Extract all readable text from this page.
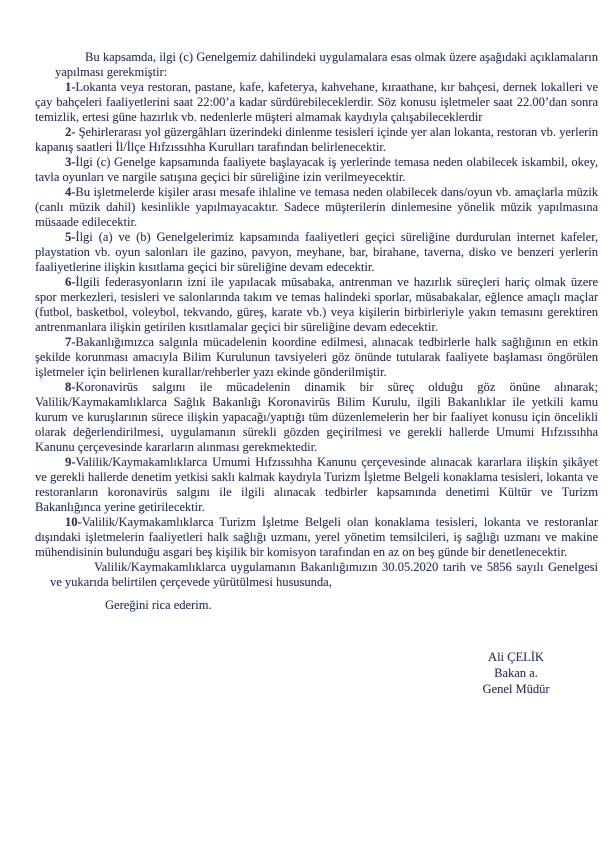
Bu kapsamda, ilgi (c) Genelgemiz dahilindeki uygulamalara esas olmak üzere aşağıdaki açıklamaların yapılması gerekmiştir:

1-Lokanta veya restoran, pastane, kafe, kafeterya, kahvehane, kıraathane, kır bahçesi, dernek lokalleri ve çay bahçeleri faaliyetlerini saat 22:00’a kadar sürdürebileceklerdir. Söz konusu işletmeler saat 22.00’dan sonra temizlik, ertesi güne hazırlık vb. nedenlerle müşteri almamak kaydıyla çalışabileceklerdir

2- Şehirlerarası yol güzergâhları üzerindeki dinlenme tesisleri içinde yer alan lokanta, restoran vb. yerlerin kapanış saatleri İl/İlçe Hıfzıssıhha Kurulları tarafından belirlenecektir.

3-İlgi (c) Genelge kapsamında faaliyete başlayacak iş yerlerinde temasa neden olabilecek iskambil, okey, tavla oyunları ve nargile satışına geçici bir süreliğine izin verilmeyecektir.

4-Bu işletmelerde kişiler arası mesafe ihlaline ve temasa neden olabilecek dans/oyun vb. amaçlarla müzik (canlı müzik dahil) kesinlikle yapılmayacaktır. Sadece müşterilerin dinlemesine yönelik müzik yapılmasına müsaade edilecektir.

5-İlgi (a) ve (b) Genelgelerimiz kapsamında faaliyetleri geçici süreliğine durdurulan internet kafeler, playstation vb. oyun salonları ile gazino, pavyon, meyhane, bar, birahane, taverna, disko ve benzeri yerlerin faaliyetlerine ilişkin kısıtlama geçici bir süreliğine devam edecektir.

6-İlgili federasyonların izni ile yapılacak müsabaka, antrenman ve hazırlık süreçleri hariç olmak üzere spor merkezleri, tesisleri ve salonlarında takım ve temas halindeki sporlar, müsabakalar, eğlence amaçlı maçlar (futbol, basketbol, voleybol, tekvando, güreş, karate vb.) veya kişilerin birbirleriyle yakın temasını gerektiren antrenmanlara ilişkin getirilen kısıtlamalar geçici bir süreliğine devam edecektir.

7-Bakanlığımızca salgınla mücadelenin koordine edilmesi, alınacak tedbirlerle halk sağlığının en etkin şekilde korunması amacıyla Bilim Kurulunun tavsiyeleri göz önünde tutularak faaliyete başlaması öngörülen işletmeler için belirlenen kurallar/rehberler yazı ekinde gönderilmiştir.

8-Koronavirüs salgını ile mücadelenin dinamik bir süreç olduğu göz önüne alınarak; Valilik/Kaymakamlıklarca Sağlık Bakanlığı Koronavirüs Bilim Kurulu, ilgili Bakanlıklar ile yetkili kamu kurum ve kuruşlarının sürece ilişkin yapacağı/yaptığı tüm düzenlemelerin her bir faaliyet konusu için öncelikli olarak değerlendirilmesi, uygulamanın sürekli gözden geçirilmesi ve gerekli hallerde Umumi Hıfzıssıhha Kanunu çerçevesinde kararların alınması gerekmektedir.

9-Valilik/Kaymakamlıklarca Umumi Hıfzıssıhha Kanunu çerçevesinde alınacak kararlara ilişkin şikâyet ve gerekli hallerde denetim yetkisi saklı kalmak kaydıyla Turizm İşletme Belgeli konaklama tesisleri, lokanta ve restoranların koronavirüs salgını ile ilgili alınacak tedbirler kapsamında denetimi Kültür ve Turizm Bakanlığınca yerine getirilecektir.

10-Valilik/Kaymakamlıklarca Turizm İşletme Belgeli olan konaklama tesisleri, lokanta ve restoranlar dışındaki işletmelerin faaliyetleri halk sağlığı uzmanı, yerel yönetim temsilcileri, iş sağlığı uzmanı ve makine mühendisinin bulunduğu asgari beş kişilik bir komisyon tarafından en az on beş günde bir denetlenecektir.

Valilik/Kaymakamlıklarca uygulamanın Bakanlığımızın 30.05.2020 tarih ve 5856 sayılı Genelgesi ve yukarıda belirtilen çerçevede yürütülmesi hususunda,

Gereğini rica ederim.

Ali ÇELİK
Bakan a.
Genel Müdür
